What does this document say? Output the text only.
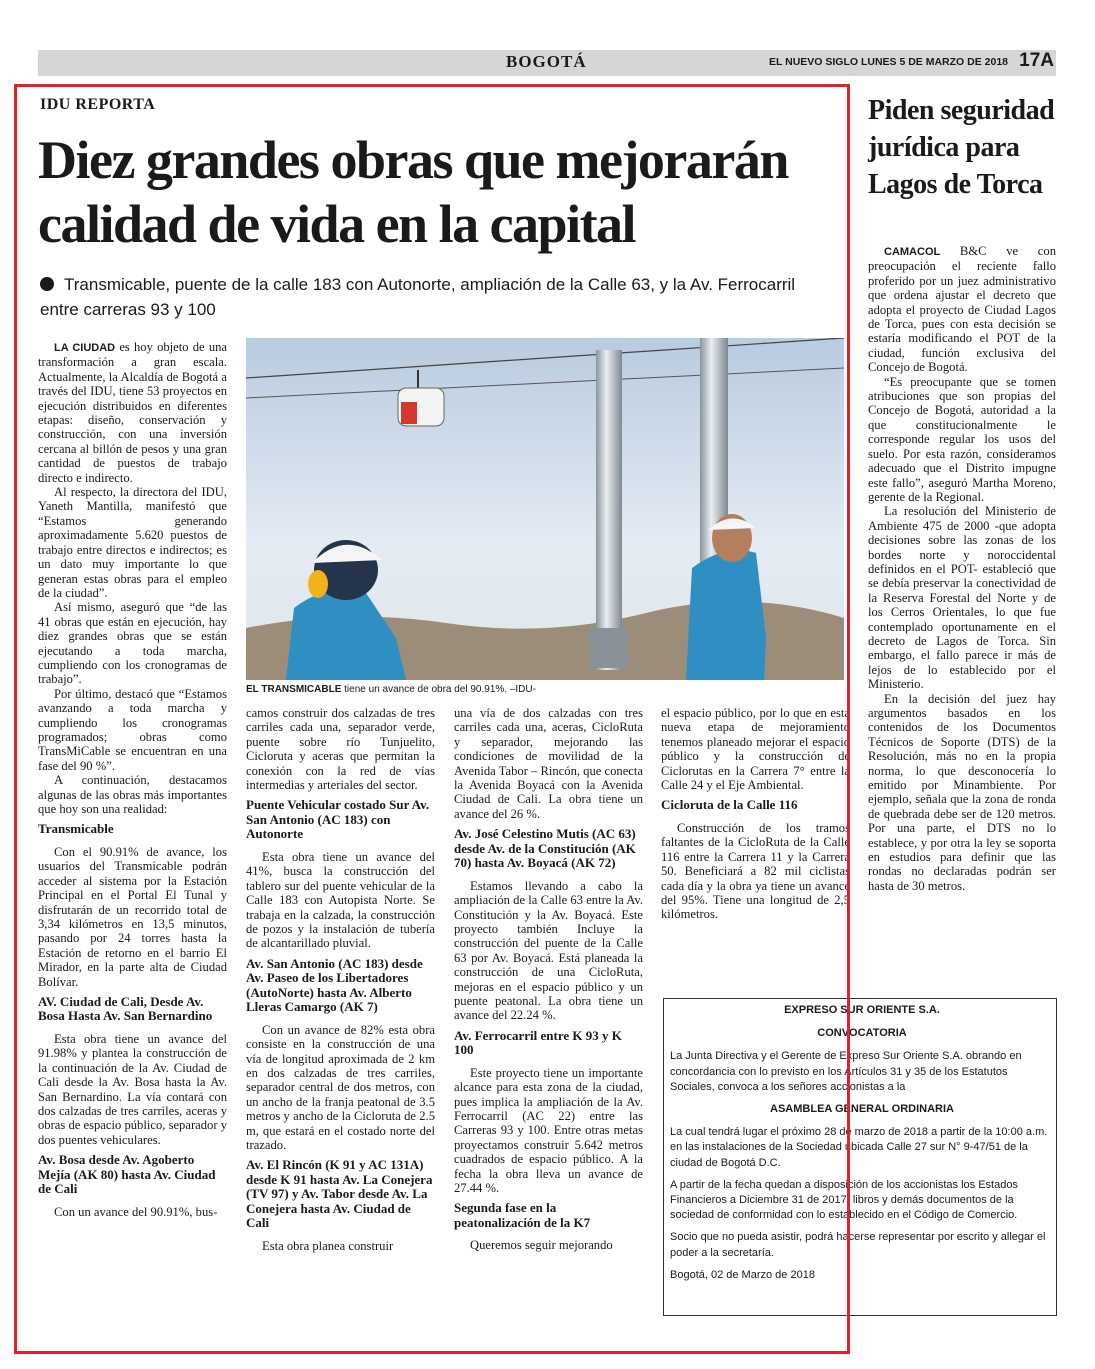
BOGOTÁ	EL NUEVO SIGLO LUNES 5 DE MARZO DE 2018 17A
Piden seguridad jurídica para Lagos de Torca

CAMACOL B&C ve con preocupación el reciente fallo proferido por un juez administrativo que ordena ajustar el decreto que adopta el proyecto de Ciudad Lagos de Torca, pues con esta decisión se estaría modificando el POT de la ciudad, función exclusiva del Concejo de Bogotá.

“Es preocupante que se tomen atribuciones que son propias del Concejo de Bogotá, autoridad a la que constitucionalmente le corresponde regular los usos del suelo. Por esta razón, consideramos adecuado que el Distrito impugne este fallo”, aseguró Martha Moreno, gerente de la Regional.

La resolución del Ministerio de Ambiente 475 de 2000 -que adopta decisiones sobre las zonas de los bordes norte y noroccidental definidos en el POT- estableció que se debía preservar la conectividad de la Reserva Forestal del Norte y de los Cerros Orientales, lo que fue contemplado oportunamente en el decreto de Lagos de Torca. Sin embargo, el fallo parece ir más de lejos de lo establecido por el Ministerio.

En la decisión del juez hay argumentos basados en los contenidos de los Documentos Técnicos de Soporte (DTS) de la Resolución, más no en la propia norma, lo que desconocería lo emitido por Minambiente. Por ejemplo, señala que la zona de ronda de quebrada debe ser de 120 metros. Por una parte, el DTS no lo establece, y por otra la ley se soporta en estudios para definir que las rondas no declaradas podrán ser hasta de 30 metros.

IDU REPORTA
Diez grandes obras que mejorarán calidad de vida en la capital
Transmicable, puente de la calle 183 con Autonorte, ampliación de la Calle 63, y la Av. Ferrocarril entre carreras 93 y 100
EL TRANSMICABLE tiene un avance de obra del 90.91%. –IDU-

LA CIUDAD es hoy objeto de una transformación a gran escala. Actualmente, la Alcaldía de Bogotá a través del IDU, tiene 53 proyectos en ejecución distribuidos en diferentes etapas: diseño, conservación y construcción, con una inversión cercana al billón de pesos y una gran cantidad de puestos de trabajo directo e indirecto.

Al respecto, la directora del IDU, Yaneth Mantilla, manifestó que “Estamos generando aproximadamente 5.620 puestos de trabajo entre directos e indirectos; es un dato muy importante lo que generan estas obras para el empleo de la ciudad”.

Así mismo, aseguró que “de las 41 obras que están en ejecución, hay diez grandes obras que se están ejecutando a toda marcha, cumpliendo con los cronogramas de trabajo”.

Por último, destacó que “Estamos avanzando a toda marcha y cumpliendo los cronogramas programados; obras como TransMiCable se encuentran en una fase del 90 %”.

A continuación, destacamos algunas de las obras más importantes que hoy son una realidad:

Transmicable

Con el 90.91% de avance, los usuarios del Transmicable podrán acceder al sistema por la Estación Principal en el Portal El Tunal y disfrutarán de un recorrido total de 3,34 kilómetros en 13,5 minutos, pasando por 24 torres hasta la Estación de retorno en el barrio El Mirador, en la parte alta de Ciudad Bolívar.

AV. Ciudad de Cali, Desde Av. Bosa Hasta Av. San Bernardino

Esta obra tiene un avance del 91.98% y plantea la construcción de la continuación de la Av. Ciudad de Cali desde la Av. Bosa hasta la Av. San Bernardino. La vía contará con dos calzadas de tres carriles, aceras y obras de espacio público, separador y dos puentes vehiculares.

Av. Bosa desde Av. Agoberto Mejía (AK 80) hasta Av. Ciudad de Cali

Con un avance del 90.91%, bus-

camos construir dos calzadas de tres carriles cada una, separador verde, puente sobre río Tunjuelito, Cicloruta y aceras que permitan la conexión con la red de vías intermedias y arteriales del sector.

Puente Vehicular costado Sur Av. San Antonio (AC 183) con Autonorte

Esta obra tiene un avance del 41%, busca la construcción del tablero sur del puente vehicular de la Calle 183 con Autopista Norte. Se trabaja en la calzada, la construcción de pozos y la instalación de tubería de alcantarillado pluvial.

Av. San Antonio (AC 183) desde Av. Paseo de los Libertadores (AutoNorte) hasta Av. Alberto Lleras Camargo (AK 7)

Con un avance de 82% esta obra consiste en la construcción de una vía de longitud aproximada de 2 km en dos calzadas de tres carriles, separador central de dos metros, con un ancho de la franja peatonal de 3.5 metros y ancho de la Cicloruta de 2.5 m, que estará en el costado norte del trazado.

Av. El Rincón (K 91 y AC 131A) desde K 91 hasta Av. La Conejera (TV 97) y Av. Tabor desde Av. La Conejera hasta Av. Ciudad de Cali

Esta obra planea construir

una vía de dos calzadas con tres carriles cada una, aceras, CicloRuta y separador, mejorando las condiciones de movilidad de la Avenida Tabor – Rincón, que conecta la Avenida Boyacá con la Avenida Ciudad de Cali. La obra tiene un avance del 26 %.

Av. José Celestino Mutis (AC 63) desde Av. de la Constitución (AK 70) hasta Av. Boyacá (AK 72)

Estamos llevando a cabo la ampliación de la Calle 63 entre la Av. Constitución y la Av. Boyacá. Este proyecto también Incluye la construcción del puente de la Calle 63 por Av. Boyacá. Está planeada la construcción de una CicloRuta, mejoras en el espacio público y un puente peatonal. La obra tiene un avance del 22.24 %.

Av. Ferrocarril entre K 93 y K 100

Este proyecto tiene un importante alcance para esta zona de la ciudad, pues implica la ampliación de la Av. Ferrocarril (AC 22) entre las Carreras 93 y 100. Entre otras metas proyectamos construir 5.642 metros cuadrados de espacio público. A la fecha la obra lleva un avance de 27.44 %.

Segunda fase en la peatonalización de la K7

Queremos seguir mejorando

el espacio público, por lo que en esta nueva etapa de mejoramiento tenemos planeado mejorar el espacio público y la construcción de Ciclorutas en la Carrera 7° entre la Calle 24 y el Eje Ambiental.

Cicloruta de la Calle 116

Construcción de los tramos faltantes de la CicloRuta de la Calle 116 entre la Carrera 11 y la Carrera 50. Beneficiará a 82 mil ciclistas cada día y la obra ya tiene un avance del 95%. Tiene una longitud de 2,5 kilómetros.

EXPRESO SUR ORIENTE S.A.

CONVOCATORIA

La Junta Directiva y el Gerente de Expreso Sur Oriente S.A. obrando en concordancia con lo previsto en los Artículos 31 y 35 de los Estatutos Sociales, convoca a los señores accionistas a la

ASAMBLEA GENERAL ORDINARIA

La cual tendrá lugar el próximo 28 de marzo de 2018 a partir de la 10:00 a.m. en las instalaciones de la Sociedad ubicada Calle 27 sur N° 9-47/51 de la ciudad de Bogotá D.C.

A partir de la fecha quedan a disposición de los accionistas los Estados Financieros a Diciembre 31 de 2017, libros y demás documentos de la sociedad de conformidad con lo establecido en el Código de Comercio.

Socio que no pueda asistir, podrá hacerse representar por escrito y allegar el poder a la secretaría.

Bogotá, 02 de Marzo de 2018
